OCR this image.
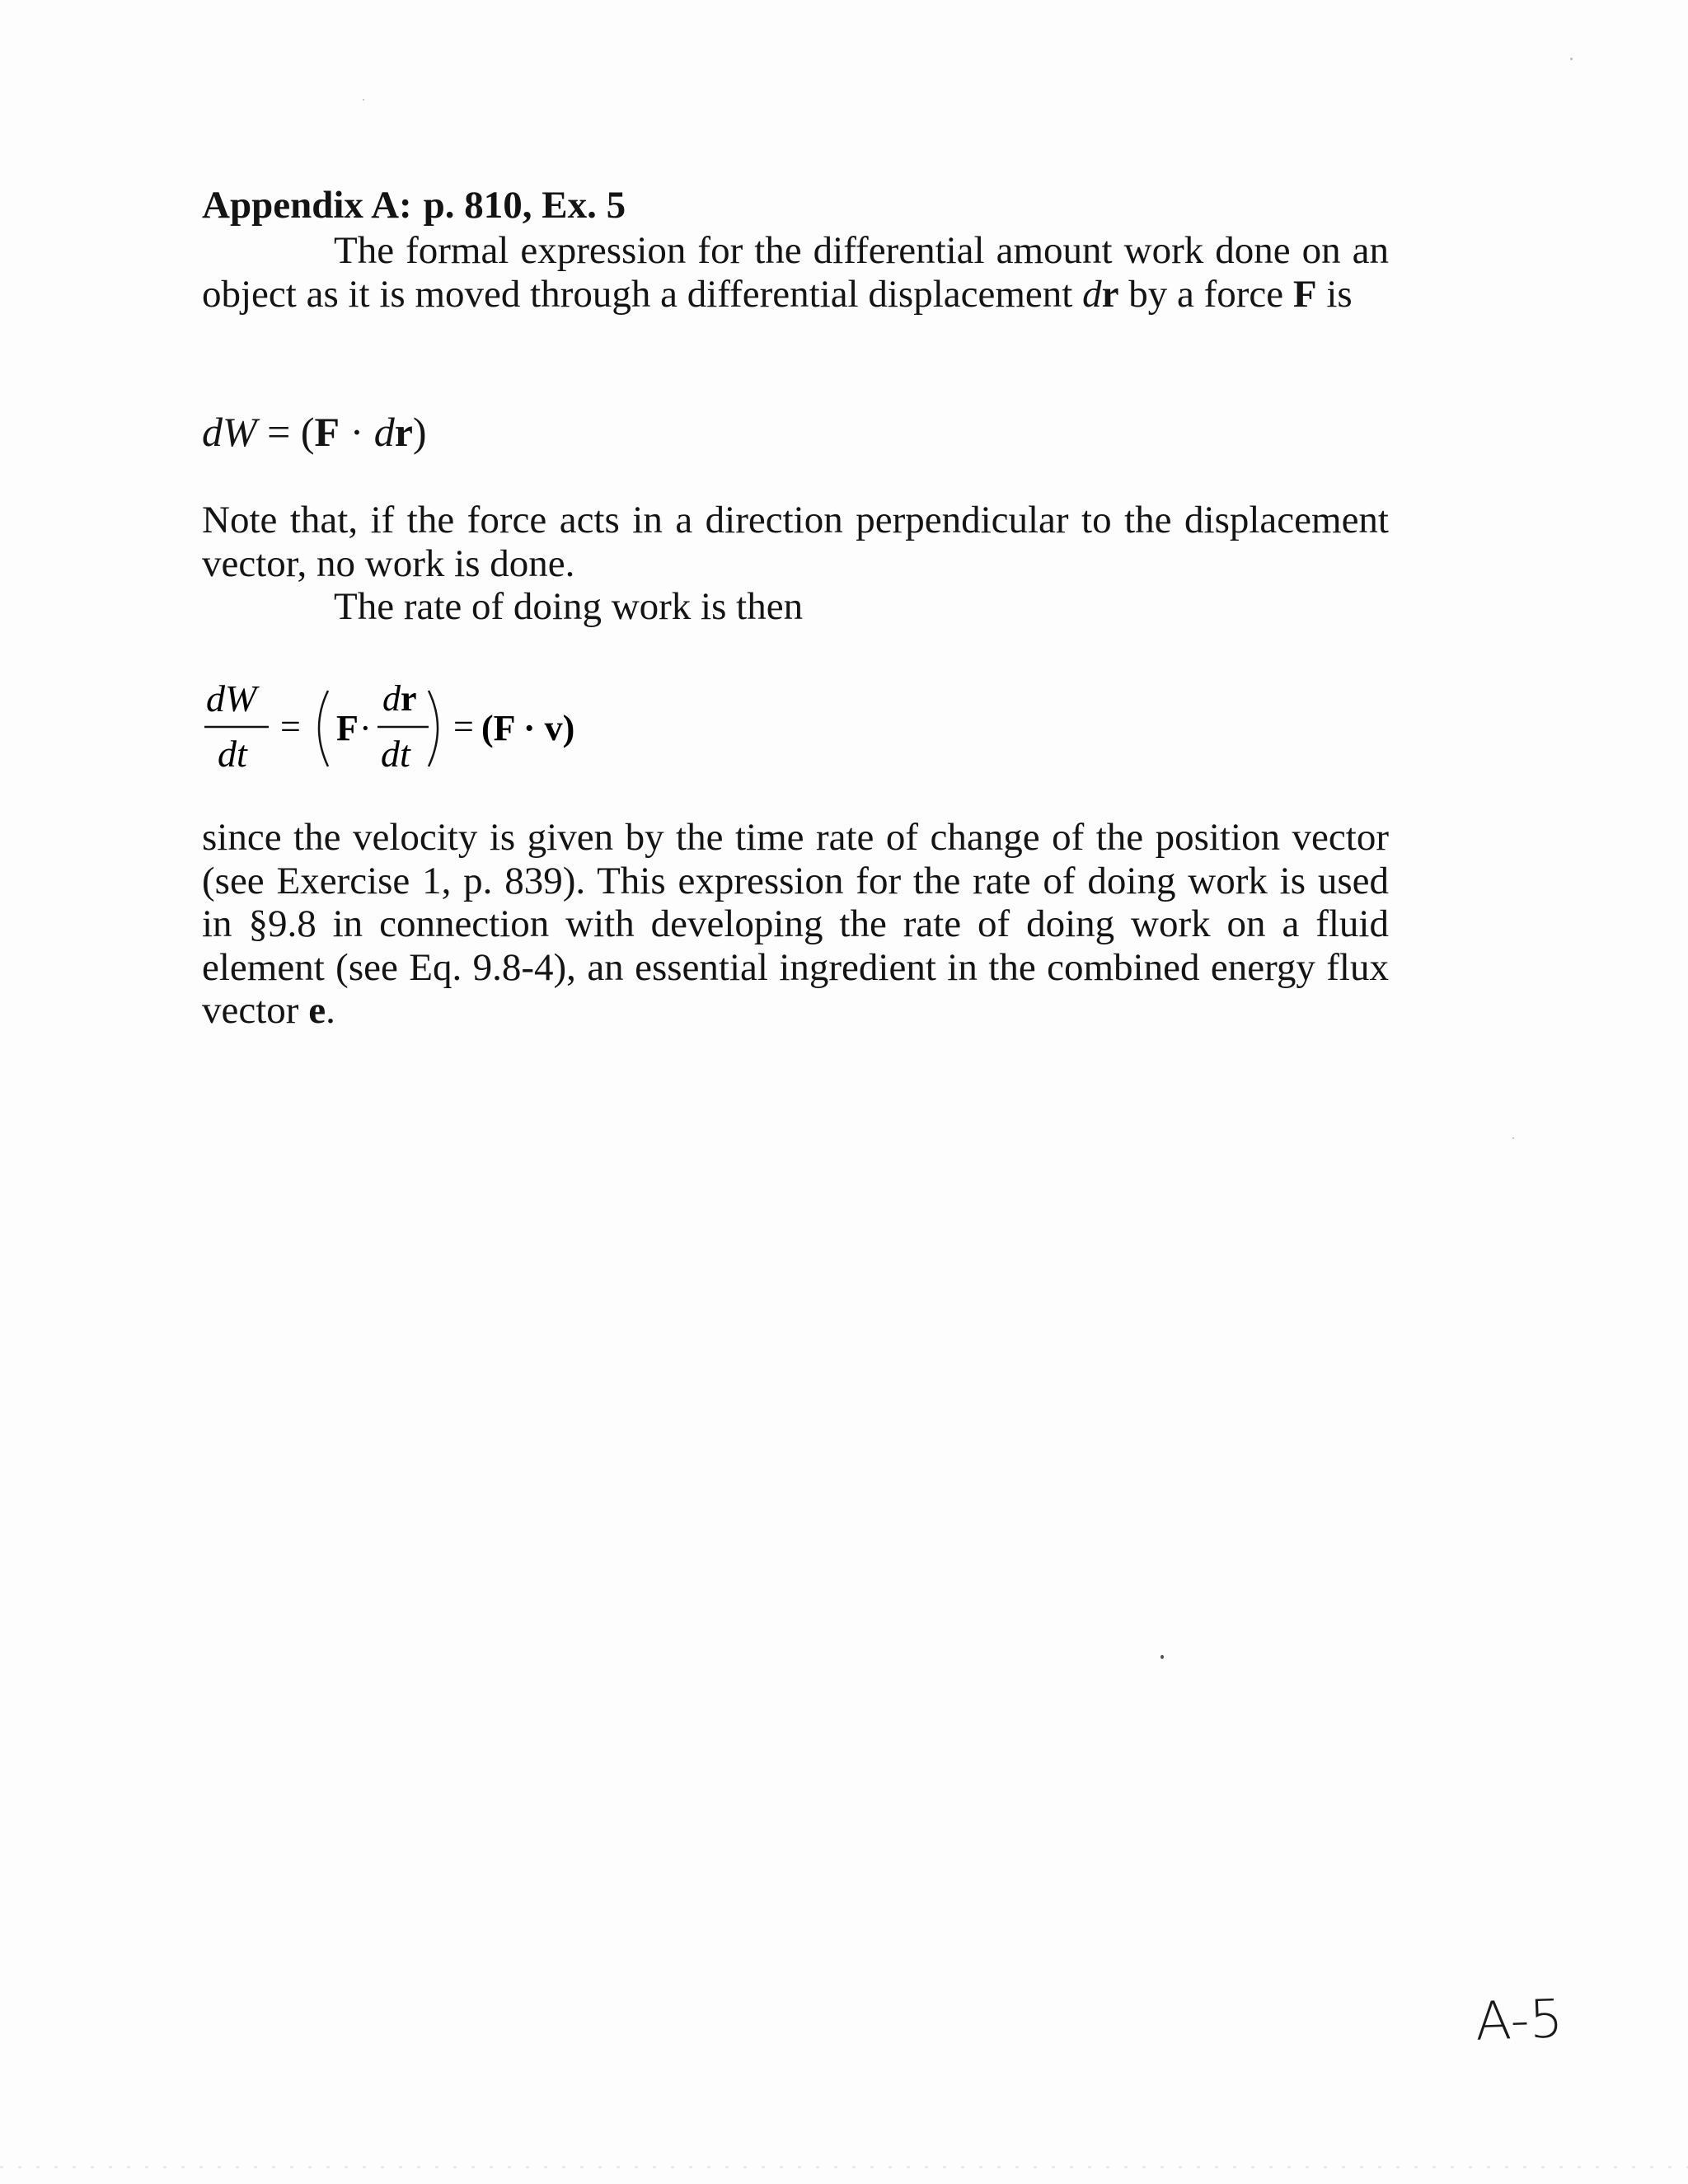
Appendix A: p. 810, Ex. 5
The formal expression for the differential amount work done on an object as it is moved through a differential displacement dr by a force F is
dW = (F · dr)
Note that, if the force acts in a direction perpendicular to the displacement vector, no work is done.
The rate of doing work is then
dW
dt
= F ·
dr
dt
= (F · v)
since the velocity is given by the time rate of change of the position vector (see Exercise 1, p. 839). This expression for the rate of doing work is used in §9.8 in connection with developing the rate of doing work on a fluid element (see Eq. 9.8-4), an essential ingredient in the combined energy flux vector e.
A-5
